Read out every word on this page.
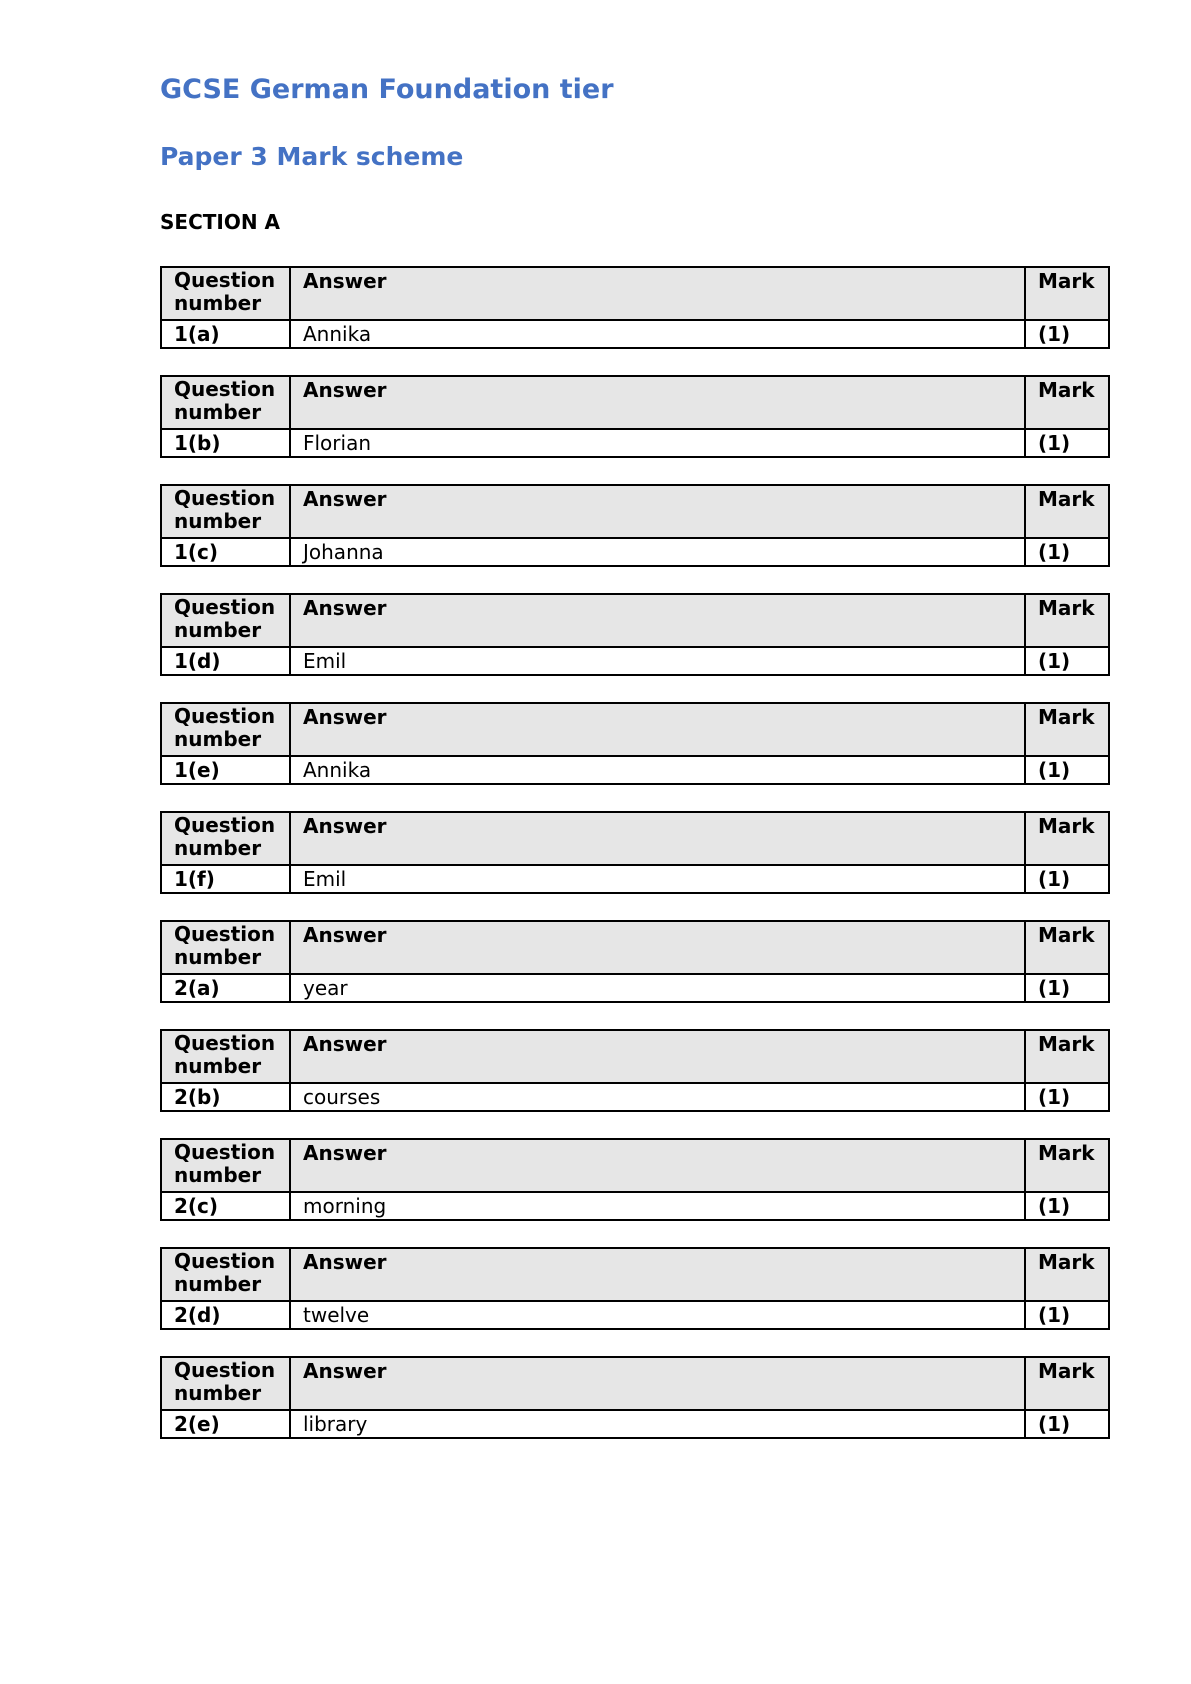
GCSE German Foundation tier
Paper 3 Mark scheme
SECTION A
Question number	Answer	Mark
1(a)	Annika	(1)
Question number	Answer	Mark
1(b)	Florian	(1)
Question number	Answer	Mark
1(c)	Johanna	(1)
Question number	Answer	Mark
1(d)	Emil	(1)
Question number	Answer	Mark
1(e)	Annika	(1)
Question number	Answer	Mark
1(f)	Emil	(1)
Question number	Answer	Mark
2(a)	year	(1)
Question number	Answer	Mark
2(b)	courses	(1)
Question number	Answer	Mark
2(c)	morning	(1)
Question number	Answer	Mark
2(d)	twelve	(1)
Question number	Answer	Mark
2(e)	library	(1)
